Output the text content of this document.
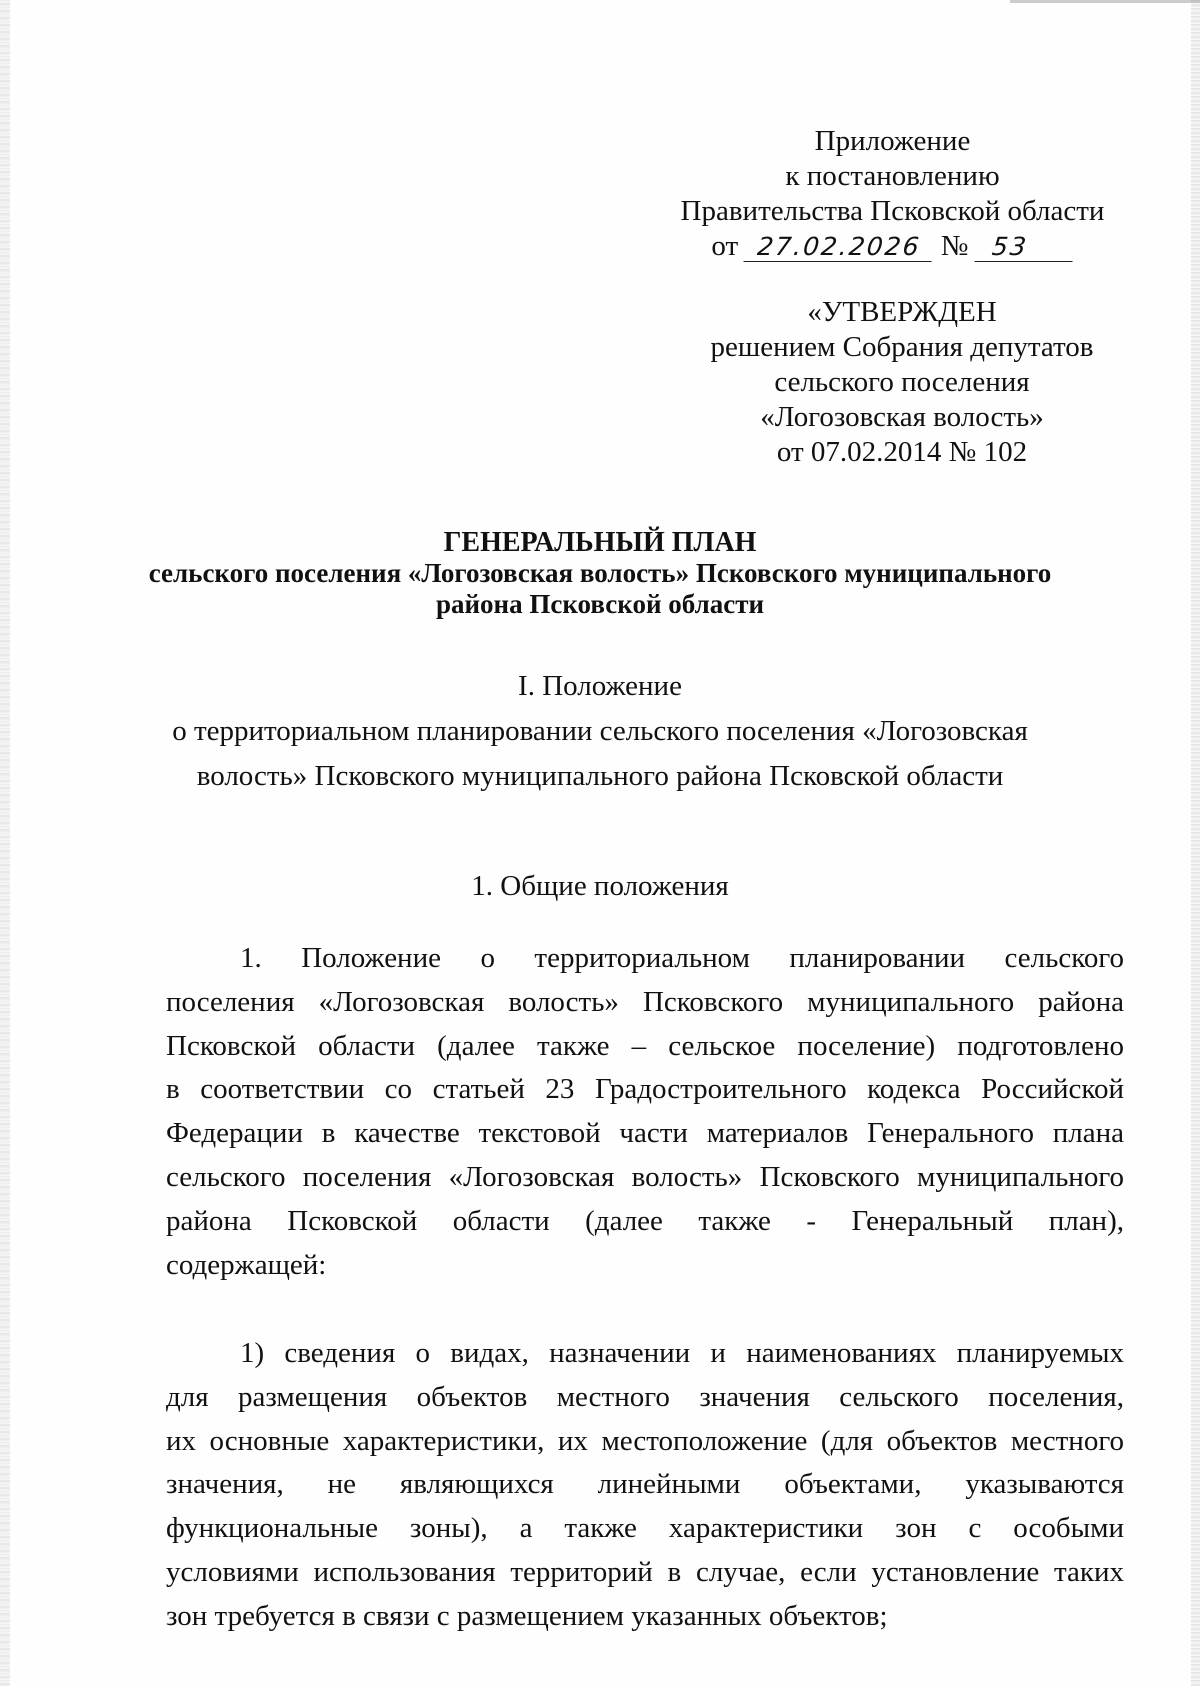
Приложение
к постановлению
Правительства Псковской области
от 27.02.2026 № 53
«УТВЕРЖДЕН
решением Собрания депутатов
сельского поселения
«Логозовская волость»
от 07.02.2014 № 102
ГЕНЕРАЛЬНЫЙ ПЛАН
сельского поселения «Логозовская волость» Псковского муниципального
района Псковской области
I. Положение
о территориальном планировании сельского поселения «Логозовская
волость» Псковского муниципального района Псковской области
1. Общие положения
1. Положение о территориальном планировании сельского
поселения «Логозовская волость» Псковского муниципального района
Псковской области (далее также – сельское поселение) подготовлено
в соответствии со статьей 23 Градостроительного кодекса Российской
Федерации в качестве текстовой части материалов Генерального плана
сельского поселения «Логозовская волость» Псковского муниципального
района Псковской области (далее также - Генеральный план),
содержащей:
1) сведения о видах, назначении и наименованиях планируемых
для размещения объектов местного значения сельского поселения,
их основные характеристики, их местоположение (для объектов местного
значения, не являющихся линейными объектами, указываются
функциональные зоны), а также характеристики зон с особыми
условиями использования территорий в случае, если установление таких
зон требуется в связи с размещением указанных объектов;
